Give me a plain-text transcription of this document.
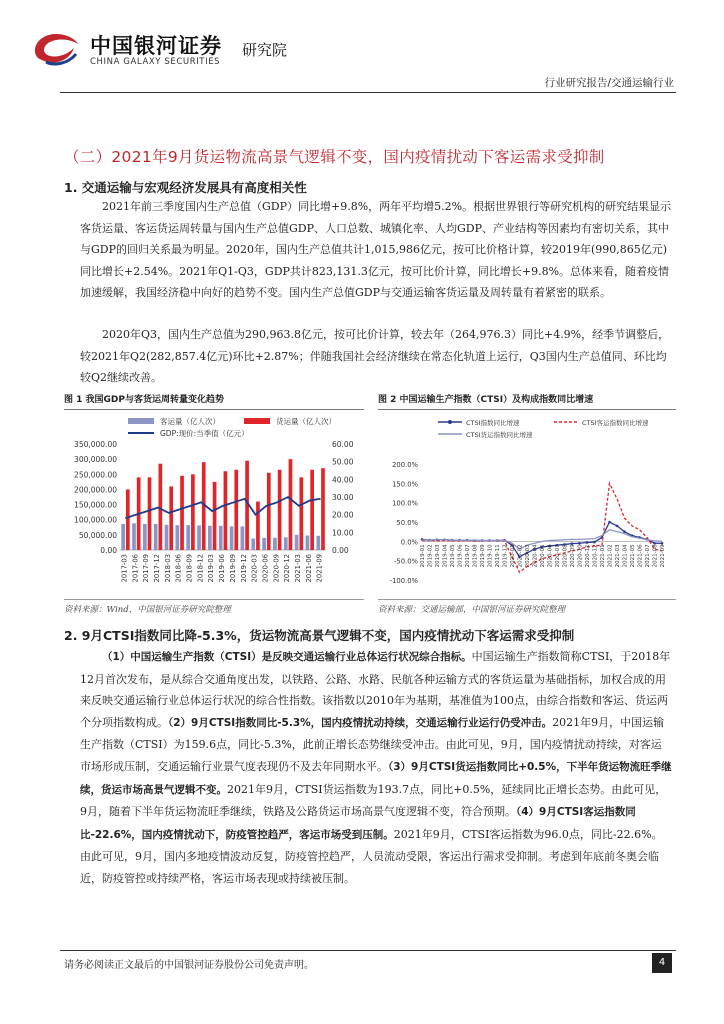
中国银河证券
CHINA GALAXY SECURITIES
研究院
行业研究报告/交通运输行业
（二）2021年9月货运物流高景气逻辑不变，国内疫情扰动下客运需求受抑制
1. 交通运输与宏观经济发展具有高度相关性

2021年前三季度国内生产总值（GDP）同比增+9.8%，两年平均增5.2%。根据世界银行等研究机构的研究结果显示客货运量、客运货运周转量与国内生产总值GDP、人口总数、城镇化率、人均GDP、产业结构等因素均有密切关系，其中与GDP的回归关系最为明显。2020年，国内生产总值共计1,015,986亿元，按可比价格计算，较2019年(990,865亿元)同比增长+2.54%。2021年Q1-Q3，GDP共计823,131.3亿元，按可比价计算，同比增长+9.8%。总体来看，随着疫情加速缓解，我国经济稳中向好的趋势不变。国内生产总值GDP与交通运输客货运量及周转量有着紧密的联系。

2020年Q3，国内生产总值为290,963.8亿元，按可比价计算，较去年（264,976.3）同比+4.9%，经季节调整后，较2021年Q2(282,857.4亿元)环比+2.87%；伴随我国社会经济继续在常态化轨道上运行，Q3国内生产总值同、环比均较Q2继续改善。

图 1 我国GDP与客货运周转量变化趋势
客运量（亿人次）	货运量（亿人次）
GDP:现价:当季值（亿元）
350,000.00
300,000.00
250,000.00
200,000.00
150,000.00
100,000.00
50,000.00
0.00
60.00
50.00
40.00
30.00
20.00
10.00
0.00
2017-03 2017-06 2017-09 2017-12 2018-03 2018-06 2018-09 2018-12 2019-03 2019-06 2019-09 2019-12 2020-03 2020-06 2020-09 2020-12 2021-03 2021-06 2021-09
资料来源：Wind，中国银河证券研究院整理
图 2 中国运输生产指数（CTSI）及构成指数同比增速
CTSI指数同比增速	CTSI客运指数同比增速
CTSI货运指数同比增速
200.0%
150.0%
100.0%
50.0%
0.0%
-50.0%
-100.0%
2019-01 2019-02 2019-03 2019-04 2019-05 2019-06 2019-07 2019-08 2019-09 2019-10 2019-11 2019-12 2020-01 2020-02 2020-03 2020-04 2020-05 2020-06 2020-07 2020-08 2020-09 2020-10 2020-11 2020-12 2021-01 2021-02 2021-03 2021-04 2021-05 2021-06 2021-07 2021-08 2021-09
资料来源：交通运输部，中国银河证券研究院整理
2. 9月CTSI指数同比降-5.3%，货运物流高景气逻辑不变，国内疫情扰动下客运需求受抑制
（1）中国运输生产指数（CTSI）是反映交通运输行业总体运行状况综合指标。中国运输生产指数简称CTSI，于2018年12月首次发布，是从综合交通角度出发，以铁路、公路、水路、民航各种运输方式的客货运量为基础指标，加权合成的用来反映交通运输行业总体运行状况的综合性指数。该指数以2010年为基期，基准值为100点，由综合指数和客运、货运两个分项指数构成。（2）9月CTSI指数同比-5.3%，国内疫情扰动持续，交通运输行业运行仍受冲击。2021年9月，中国运输生产指数（CTSI）为159.6点，同比-5.3%，此前正增长态势继续受冲击。由此可见，9月，国内疫情扰动持续，对客运市场形成压制，交通运输行业景气度表现仍不及去年同期水平。（3）9月CTSI货运指数同比+0.5%，下半年货运物流旺季继续，货运市场高景气逻辑不变。2021年9月，CTSI货运指数为193.7点，同比+0.5%，延续同比正增长态势。由此可见，9月，随着下半年货运物流旺季继续，铁路及公路货运市场高景气度逻辑不变，符合预期。（4）9月CTSI客运指数同比-22.6%，国内疫情扰动下，防疫管控趋严，客运市场受到压制。2021年9月，CTSI客运指数为96.0点，同比-22.6%。由此可见，9月，国内多地疫情波动反复，防疫管控趋严，人员流动受限，客运出行需求受抑制。考虑到年底前冬奥会临近，防疫管控或持续严格，客运市场表现或持续被压制。
请务必阅读正文最后的中国银河证券股份公司免责声明。	4
